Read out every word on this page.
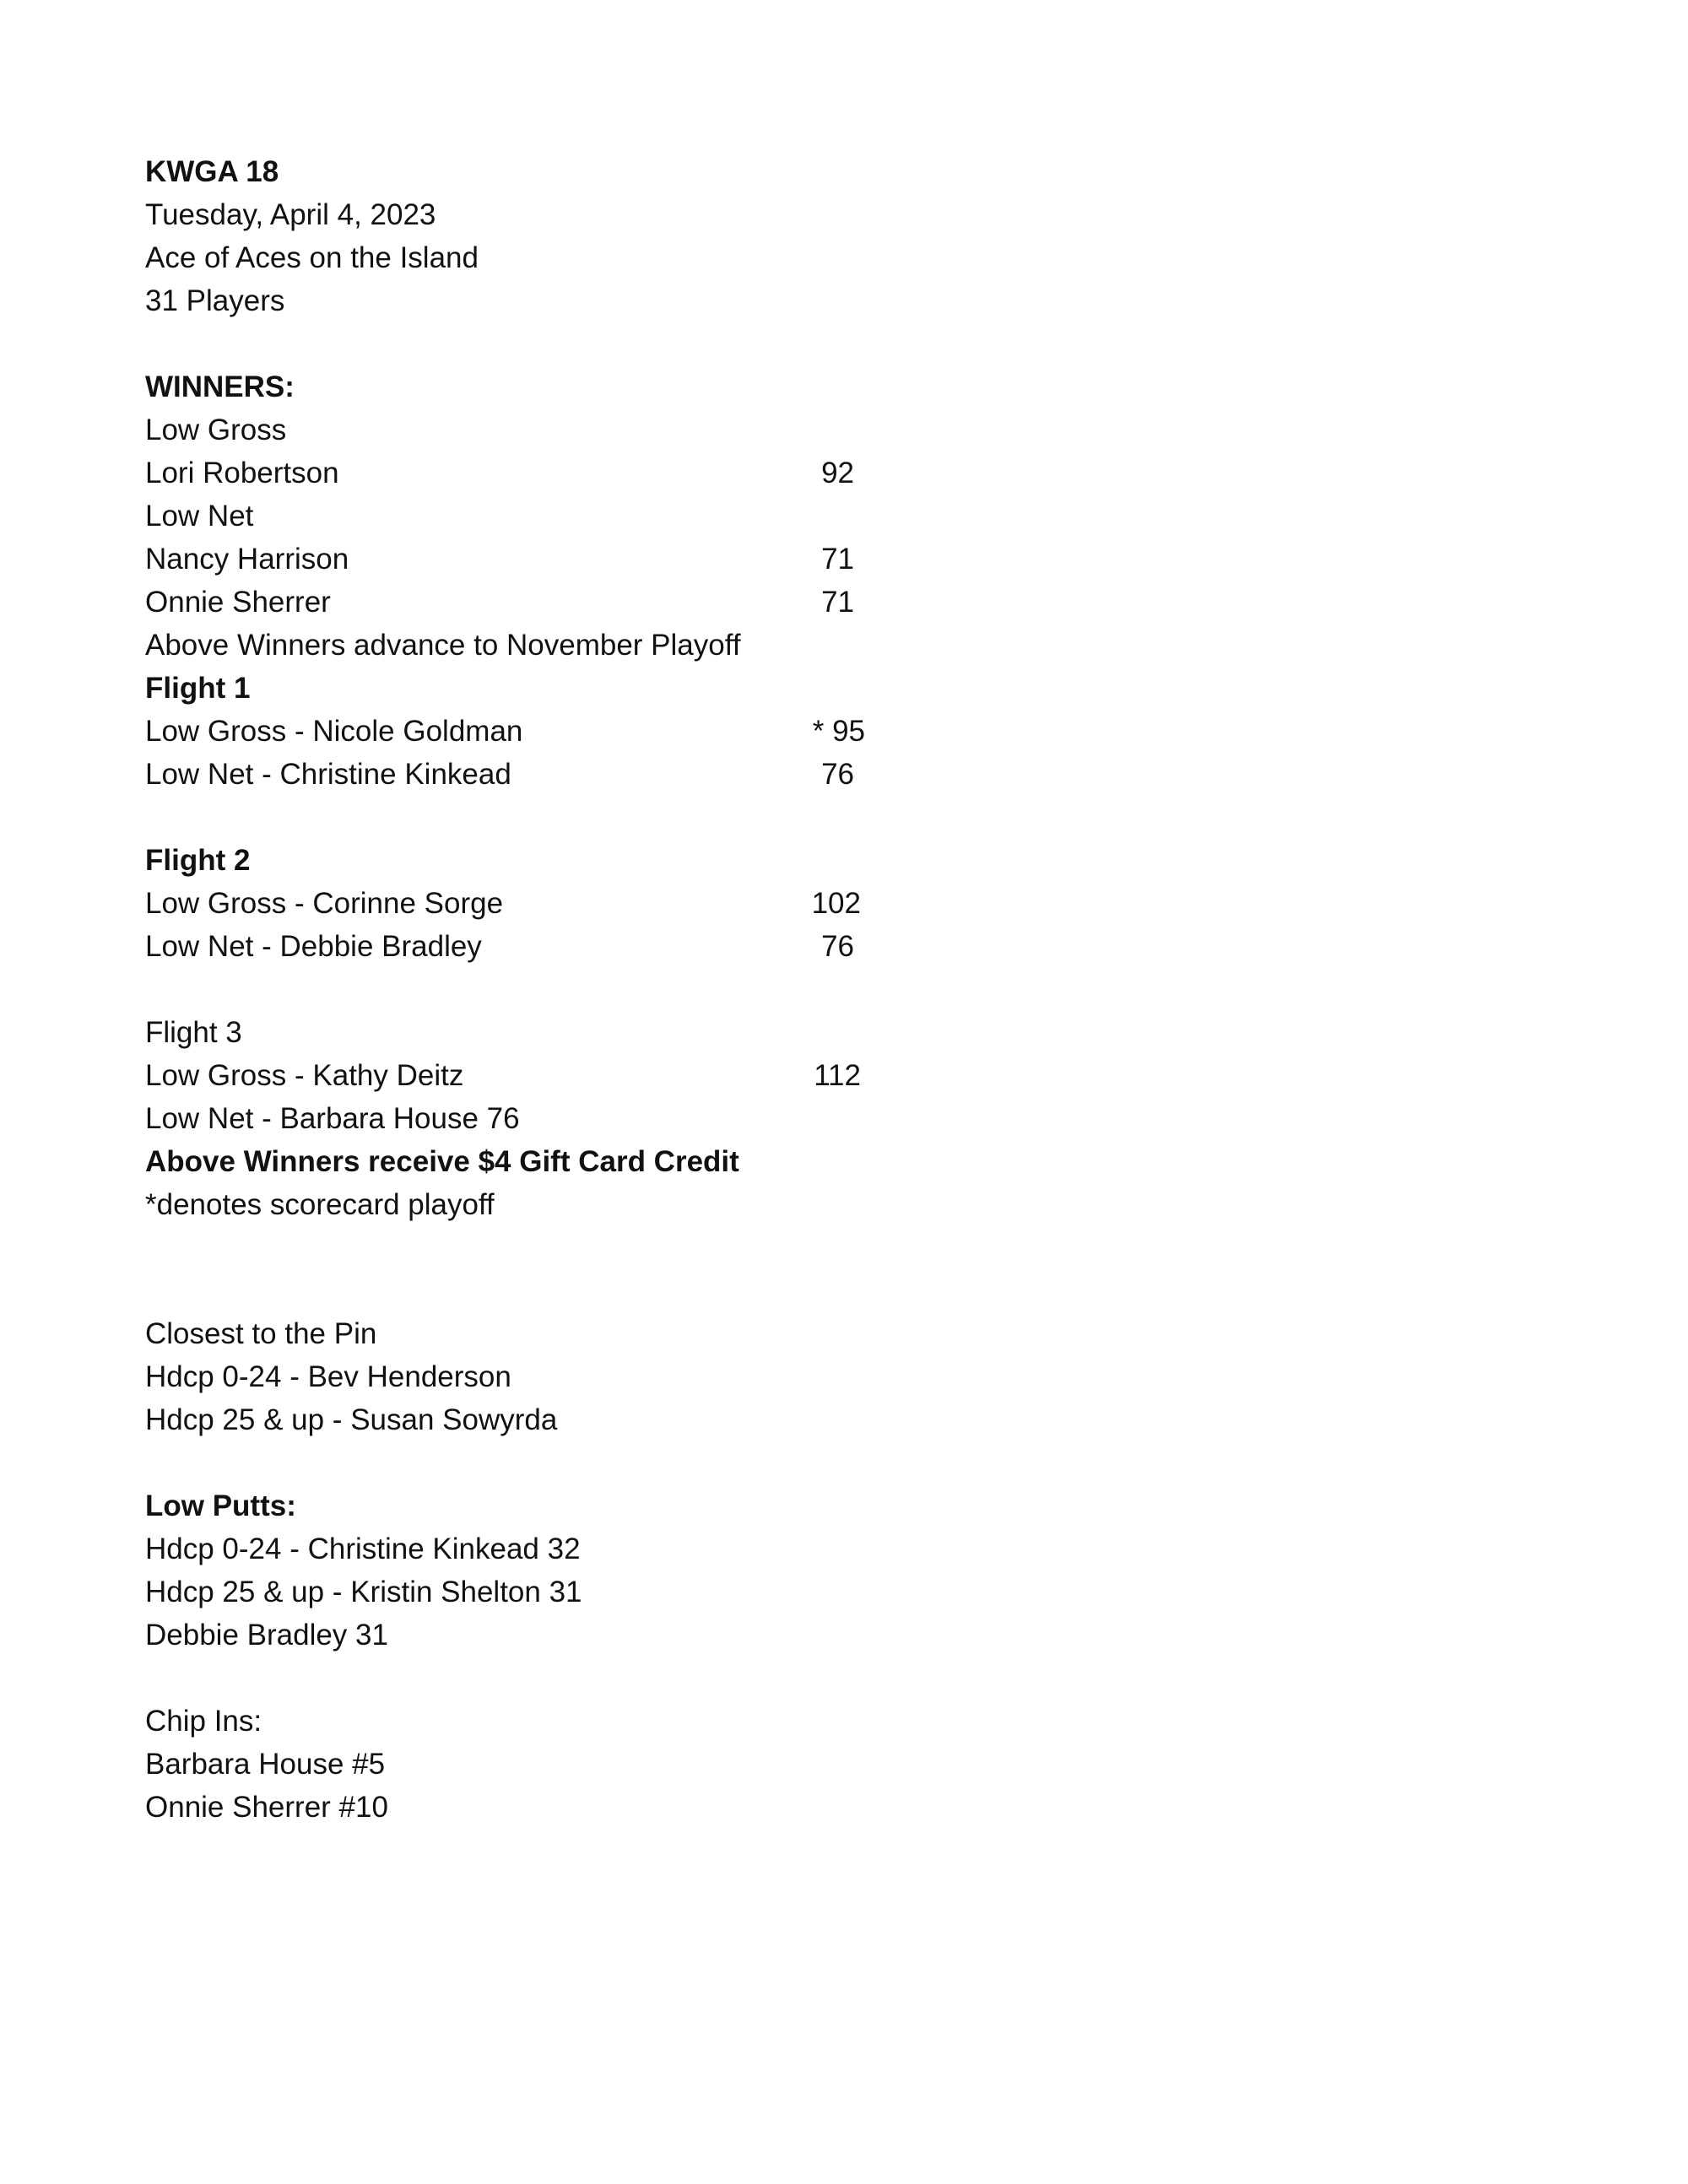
KWGA 18
Tuesday, April 4, 2023
Ace of Aces on the Island
31 Players
WINNERS:
Low Gross
Lori Robertson	92
Low Net
Nancy Harrison	71
Onnie Sherrer	71
Above Winners advance to November Playoff
Flight 1
Low Gross - Nicole Goldman	* 95
Low Net - Christine Kinkead	76
Flight 2
Low Gross - Corinne Sorge	102
Low Net - Debbie Bradley	76
Flight 3
Low Gross - Kathy Deitz	112
Low Net - Barbara House 76
Above Winners receive $4 Gift Card Credit
*denotes scorecard playoff
Closest to the Pin
Hdcp 0-24 - Bev Henderson
Hdcp 25 & up - Susan Sowyrda
Low Putts:
Hdcp 0-24 - Christine Kinkead 32
Hdcp 25 & up - Kristin Shelton 31
Debbie Bradley 31
Chip Ins:
Barbara House #5
Onnie Sherrer #10
